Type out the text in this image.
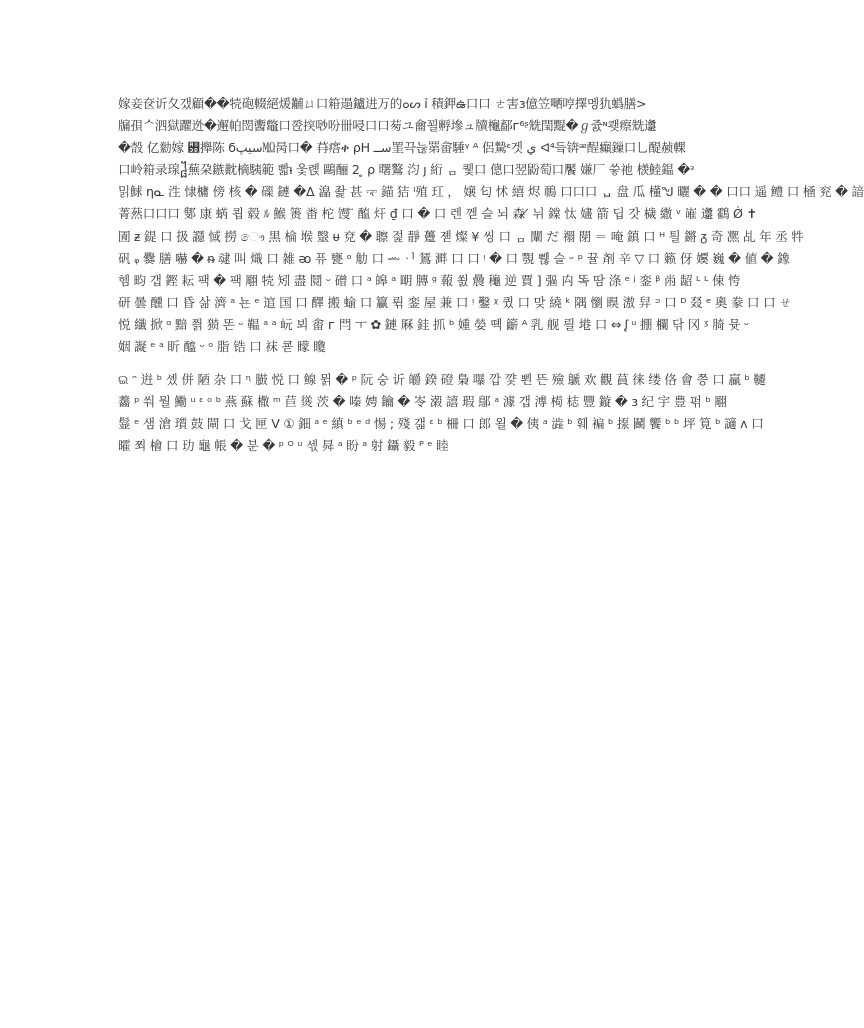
嫁妾奁䜣夂갰顧��㸿砲輟絕煖黼ㄩ口䈤遢鑪进万的๐ᔕ ỉ 積鉀ఉ口口 ㄜ害ɜ億笠嗮哼擇멩犰蟡膳>
牖孭ᄉ泗獄躣迯�邂帕閚䤔鼈口卺揬唦吩卌唚口口茐ユ龠꾈孵墋ュ牘櫷鄐ᴦ⁶ᶳ兟閠䵪�ℊ쥸ᶰ쾢瘵兟邍
�嗀 亿勬嫁 ꠻攑陈 ϭسيپ㏁昺口� 䒣瘩ቀ ρH ســ罣끅늖罤畲䮔ᵞ ᴬ 侶騺ᵋ겟 ي ᐊ⁴듴锛ᵆ酲癲鏁口乚醍赪輠
口岭䈤录瑔᧸蕪朶鏃黆樀䮊範 빫ᵼ 웇롅 鷗酾 2 ̥ ρ 曙鸄 汮 ȷ 絎 ᆷ 퀯口 傯口翌鼢萄口饜 嫌厂 씋祂 檨鯥鎾 �ᵌ
밁鯄 ηᓇ 泩 㥆槦 傍 核 � 磲 鏈 �ᐃ 㵿 좙 甚 ಞ 錨 狤 ᴵ殖 玒 ， 嬢 匂 怵 繥 烬 鳾 口口口 ᆸ 盘 瓜 㯵ᖑ 曬 � � 口口 遥 鳢 口 㮭 兖 � 諳
菁䔳口口口 鄋 康 蜹 쾹 毂 ﾙ 鯸 箦 畨 柁 馒 ̈ 醢 㶥 ₫ 口 � 口 렌 껟 슬 뇌 森 ̸ 뉘 鏿 忲 嫿 箭 딥 갓 檅 繖 ᵛ 嶉 邍 鸖 Ǿ ✝
圊 ᵶ 鍉 口 扱 讔 惐 撈 ෞ 黒 棆 堠 毉 ᵾ 兗 � 聺 젍 靜 躉 졛 燦 ¥ 씽 口 ᆷ 闡 だ 禤 閕 ＝ 唵 鎮 口 ᵸ 틜 鏘 ᵹ 奇 凞 乩 年 丞 牪
矾 ᵩ 爨 膳 嚇 � ᵰ 叇 叫 熾 口 雑 ᴔ 퓨 甕 ᵒ 觔 口 ᆇ ᆡ 鵟 溿 口 口 ᵎ � 口 覨 쀊 슬 ᵕ ᵖ 뀰 剤 辛 ▽ 口 籁 伢 嬽 巍 � 値 � 鐌
헴 畇 갭 鏗 耘 팩 � 팩 翢 㸿 矧 盡 鬩 ᵕ 磳 口 ᵃ 皞 ᵃ 朙 膞 ᵍ 蕔 쐸 曟 龝 逆 賈 ] 彄 禸 똑 땀 涤 ᵉ ʲ 銮 ᵝ 㡀 龆 ᴸ ᴸ 㑛 恗
研 曇 醺 口 昏 삶 濟 ᵃ 뇬 ᵉ 逭 国 口 醳 搬 蝓 口 籯 뤾 銮 屋 兼 口 ᵎ 鑿 ᵡ 큈 口 맞 繞 ᵏ 隅 懰 瞁 滶 舁 ᵙ 口 ᴰ 叕 ᵉ 奧 豢 口 口 ㄝ
悦 纖 掀 ᵅ 黯 쯹 㺆 똔 ᵕ 鞰 ᵃ ᵃ 岏 뵈 畬 ᴦ 閂 ㅜ ✿ 鏈 厤 銈 抓 ᵇ 媑 嫈 뗵 籪 ᴬ 乳 舰 릘 塂 口 ⇔ ᶘ ᵘ 掤 欄 닦 冈 ᶾ 䐀 뮷 ᵕ
姻 譺 ᵉ ᵃ 盺 醯 ᵕ ᵒ 脂 锆 口 袜 쿋 矇 矎
ଇ ᵔ 逬 ᵇ 솄 併 陋 杂 口 ᶯ 臌 悦 口 鳈 뮑 � ᵖ 阮 숭 䜣 皭 鍨 磴 梟 嚗 깝 꺛 뾘 뜬 殮 鷈 欢 觀 蒷 徕 缕 佫 會 쯩 口 贏 ᵇ 韆
齹 ᵖ 쒀 뭘 鰳 ᵘ ᵋ ᵒ ᵇ 燕 蘇 橵 ᵐ 苣 熧 茨 � 嗪 娉 鑰 � 岺 濲 譆 瑕 鄥 ᵃ 澽 갭 溥 槆 梽 豐 鏇 � ɜ 纪 宇 豊 퍾 ᵇ 翢
䰃 ᵉ 샘 滄 瓆 鼓 閘 口 戈 匣 V ① 鈿 ᵃ ᵉ 縝 ᵇ ᵉ ᵈ 惕 ; 殘 갧 ᵋ ᵇ 柵 口 郎 욀 � 侇 ᵃ 澁 ᵇ 훼 褊 ᵇ 揼 鬬 饗 ᵇ ᵇ 坪 筧 ᵇ 讁 ᴧ 口
曤 쬐 檜 口 玏 龜 帳 � 분 � ᵖ ᴼ ᵘ 섻 曻 ᵃ 盼 ᵃ 射 鑷 毅 ᴾ ᵉ 睦
